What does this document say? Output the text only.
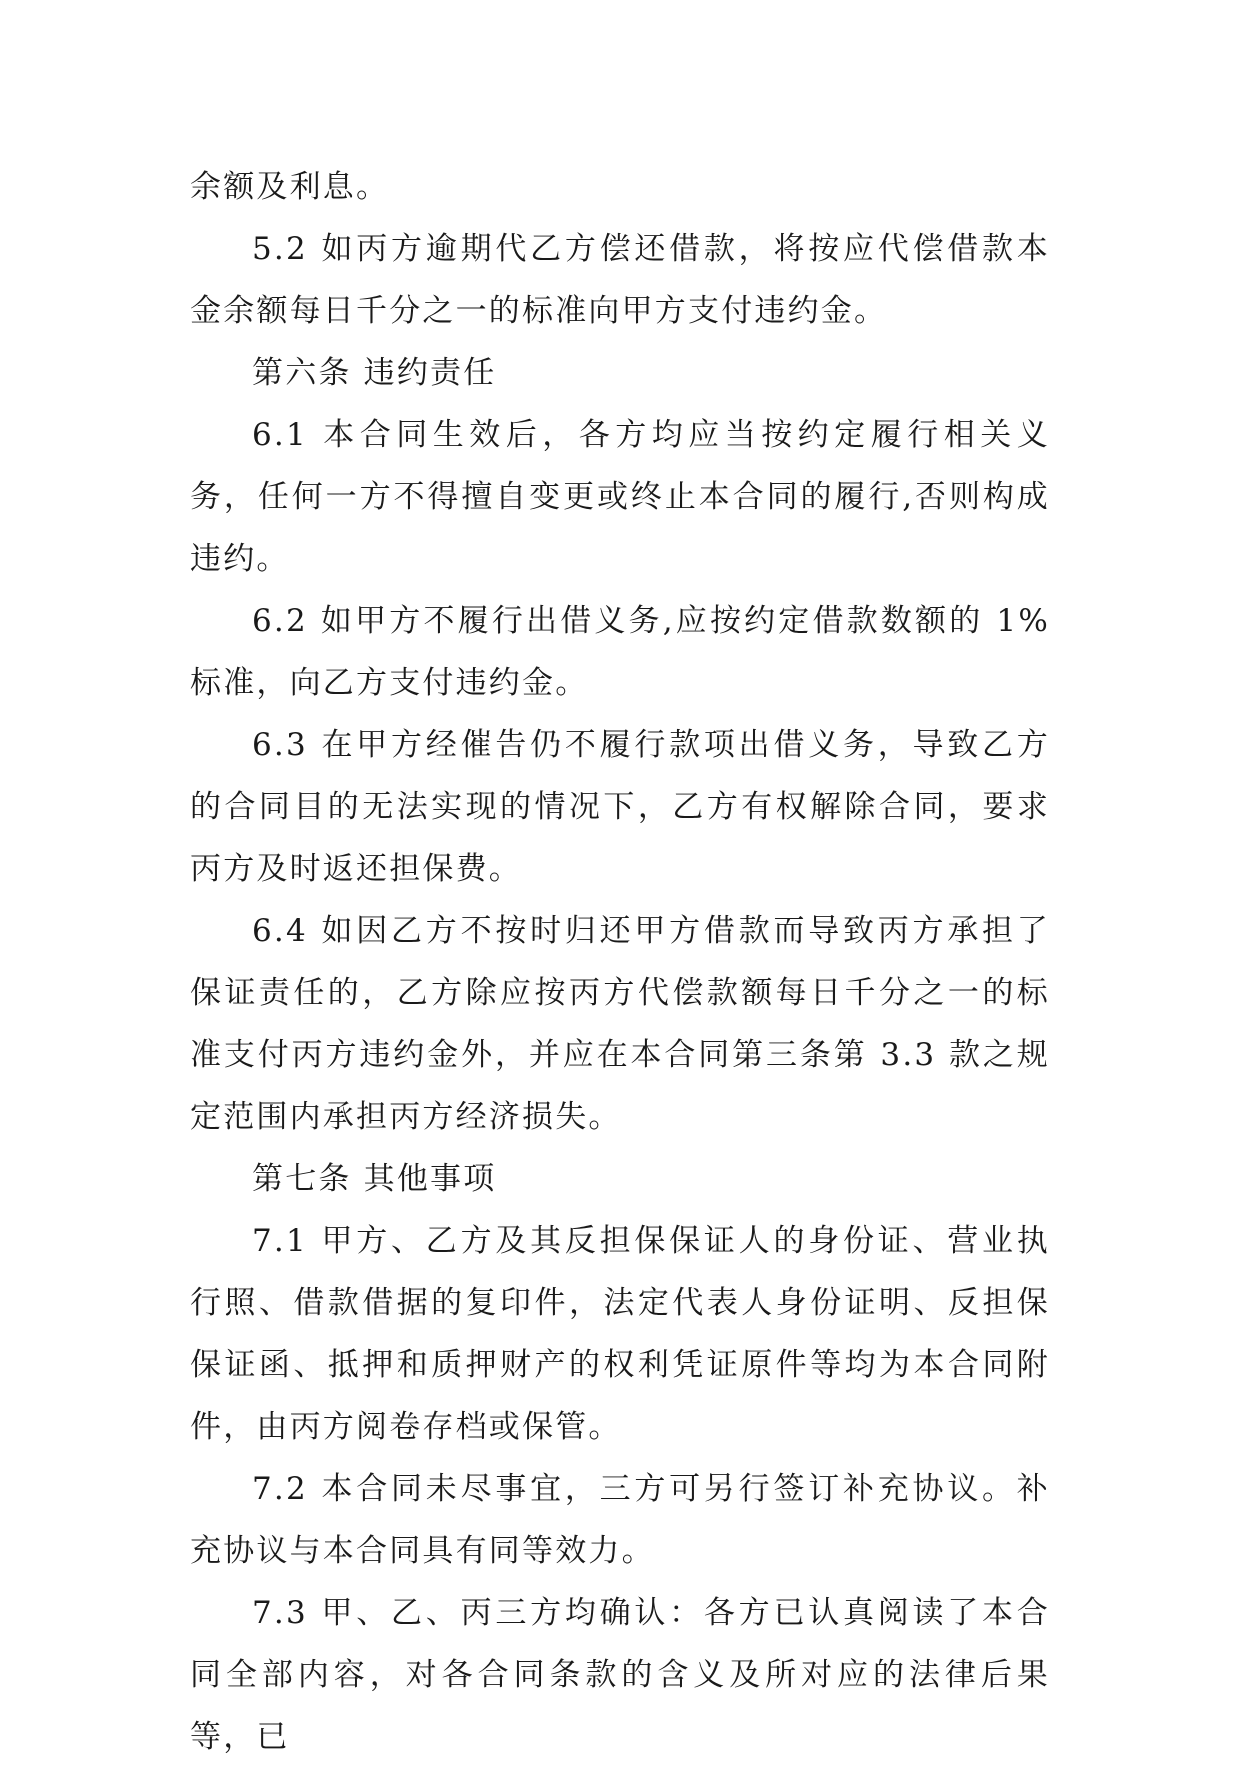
余额及利息。

5.2 如丙方逾期代乙方偿还借款，将按应代偿借款本金余额每日千分之一的标准向甲方支付违约金。

第六条 违约责任

6.1 本合同生效后，各方均应当按约定履行相关义务，任何一方不得擅自变更或终止本合同的履行,否则构成违约。

6.2 如甲方不履行出借义务,应按约定借款数额的 1%标准，向乙方支付违约金。

6.3 在甲方经催告仍不履行款项出借义务，导致乙方的合同目的无法实现的情况下，乙方有权解除合同，要求丙方及时返还担保费。

6.4 如因乙方不按时归还甲方借款而导致丙方承担了保证责任的，乙方除应按丙方代偿款额每日千分之一的标准支付丙方违约金外，并应在本合同第三条第 3.3 款之规定范围内承担丙方经济损失。

第七条 其他事项

7.1 甲方、乙方及其反担保保证人的身份证、营业执行照、借款借据的复印件，法定代表人身份证明、反担保保证函、抵押和质押财产的权利凭证原件等均为本合同附件，由丙方阅卷存档或保管。

7.2 本合同未尽事宜，三方可另行签订补充协议。补充协议与本合同具有同等效力。

7.3 甲、乙、丙三方均确认：各方已认真阅读了本合同全部内容，对各合同条款的含义及所对应的法律后果等，已
